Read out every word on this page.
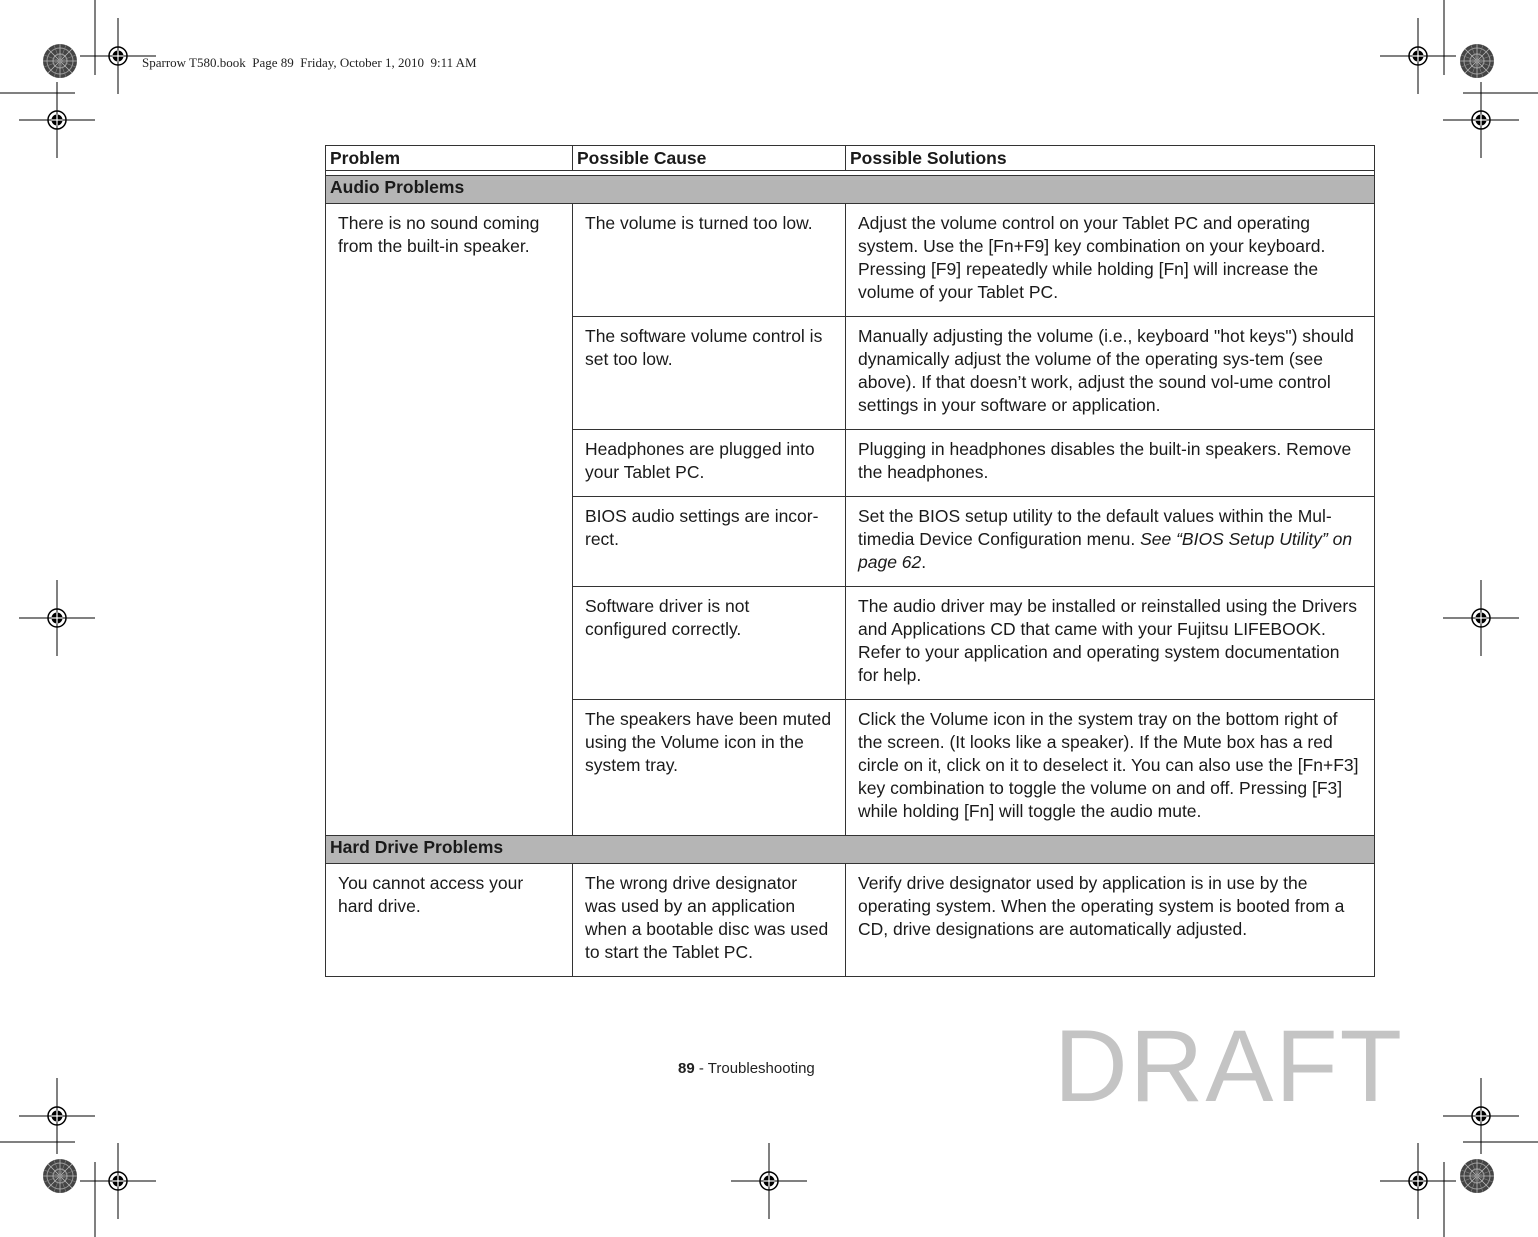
Sparrow T580.book  Page 89  Friday, October 1, 2010  9:11 AM
Problem	Possible Cause	Possible Solutions

Audio Problems		
There is no sound coming from the built-in speaker.	The volume is turned too low.	Adjust the volume control on your Tablet PC and operating system. Use the [Fn+F9] key combination on your keyboard. Pressing [F9] repeatedly while holding [Fn] will increase the volume of your Tablet PC.
	The software volume control is set too low.	Manually adjusting the volume (i.e., keyboard "hot keys") should dynamically adjust the volume of the operating sys-tem (see above). If that doesn’t work, adjust the sound vol-ume control settings in your software or application.
	Headphones are plugged into your Tablet PC.	Plugging in headphones disables the built-in speakers. Remove the headphones.
	BIOS audio settings are incor-rect.	Set the BIOS setup utility to the default values within the Mul-timedia Device Configuration menu. See “BIOS Setup Utility” on page 62.
	Software driver is not configured correctly.	The audio driver may be installed or reinstalled using the Drivers and Applications CD that came with your Fujitsu LIFEBOOK. Refer to your application and operating system documentation for help.
	The speakers have been muted using the Volume icon in the system tray.	Click the Volume icon in the system tray on the bottom right of the screen. (It looks like a speaker). If the Mute box has a red circle on it, click on it to deselect it. You can also use the [Fn+F3] key combination to toggle the volume on and off. Pressing [F3] while holding [Fn] will toggle the audio mute.
Hard Drive Problems		
You cannot access your hard drive.	The wrong drive designator was used by an application when a bootable disc was used to start the Tablet PC.	Verify drive designator used by application is in use by the operating system. When the operating system is booted from a CD, drive designations are automatically adjusted.
89 - Troubleshooting DRAFT
